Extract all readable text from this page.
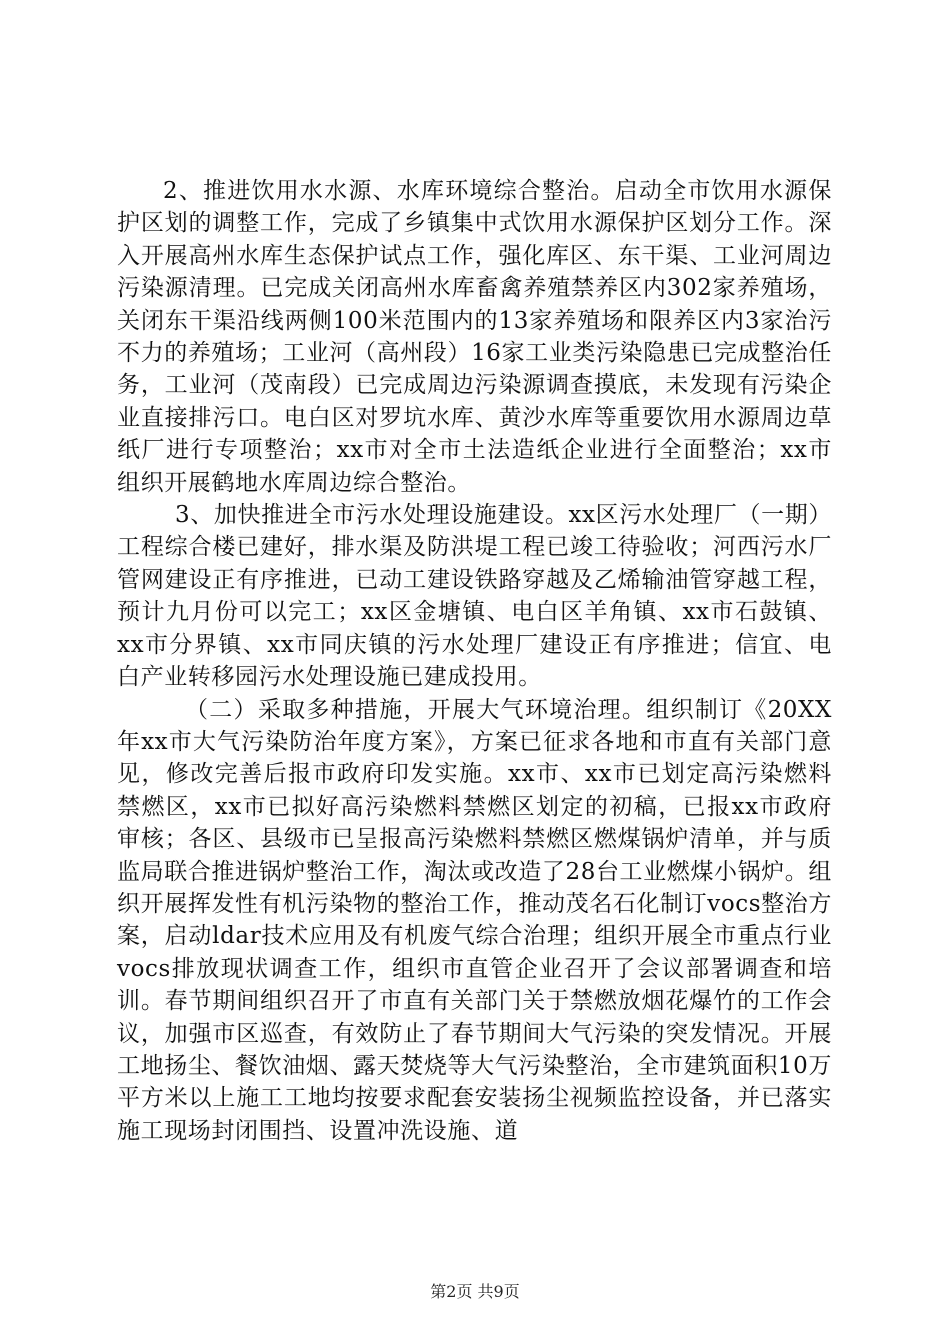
2、推进饮用水水源、水库环境综合整治。启动全市饮用水源保护区划的调整工作，完成了乡镇集中式饮用水源保护区划分工作。深入开展高州水库生态保护试点工作，强化库区、东干渠、工业河周边污染源清理。已完成关闭高州水库畜禽养殖禁养区内302家养殖场，关闭东干渠沿线两侧100米范围内的13家养殖场和限养区内3家治污不力的养殖场；工业河（高州段）16家工业类污染隐患已完成整治任务，工业河（茂南段）已完成周边污染源调查摸底，未发现有污染企业直接排污口。电白区对罗坑水库、黄沙水库等重要饮用水源周边草纸厂进行专项整治；xx市对全市土法造纸企业进行全面整治；xx市组织开展鹤地水库周边综合整治。

3、加快推进全市污水处理设施建设。xx区污水处理厂（一期）工程综合楼已建好，排水渠及防洪堤工程已竣工待验收；河西污水厂管网建设正有序推进，已动工建设铁路穿越及乙烯输油管穿越工程，预计九月份可以完工；xx区金塘镇、电白区羊角镇、xx市石鼓镇、xx市分界镇、xx市同庆镇的污水处理厂建设正有序推进；信宜、电白产业转移园污水处理设施已建成投用。

（二）采取多种措施，开展大气环境治理。组织制订《20XX年xx市大气污染防治年度方案》，方案已征求各地和市直有关部门意见，修改完善后报市政府印发实施。xx市、xx市已划定高污染燃料禁燃区，xx市已拟好高污染燃料禁燃区划定的初稿，已报xx市政府审核；各区、县级市已呈报高污染燃料禁燃区燃煤锅炉清单，并与质监局联合推进锅炉整治工作，淘汰或改造了28台工业燃煤小锅炉。组织开展挥发性有机污染物的整治工作，推动茂名石化制订vocs整治方案，启动ldar技术应用及有机废气综合治理；组织开展全市重点行业vocs排放现状调查工作，组织市直管企业召开了会议部署调查和培训。春节期间组织召开了市直有关部门关于禁燃放烟花爆竹的工作会议，加强市区巡查，有效防止了春节期间大气污染的突发情况。开展工地扬尘、餐饮油烟、露天焚烧等大气污染整治，全市建筑面积10万平方米以上施工工地均按要求配套安装扬尘视频监控设备，并已落实施工现场封闭围挡、设置冲洗设施、道

第2页 共9页
